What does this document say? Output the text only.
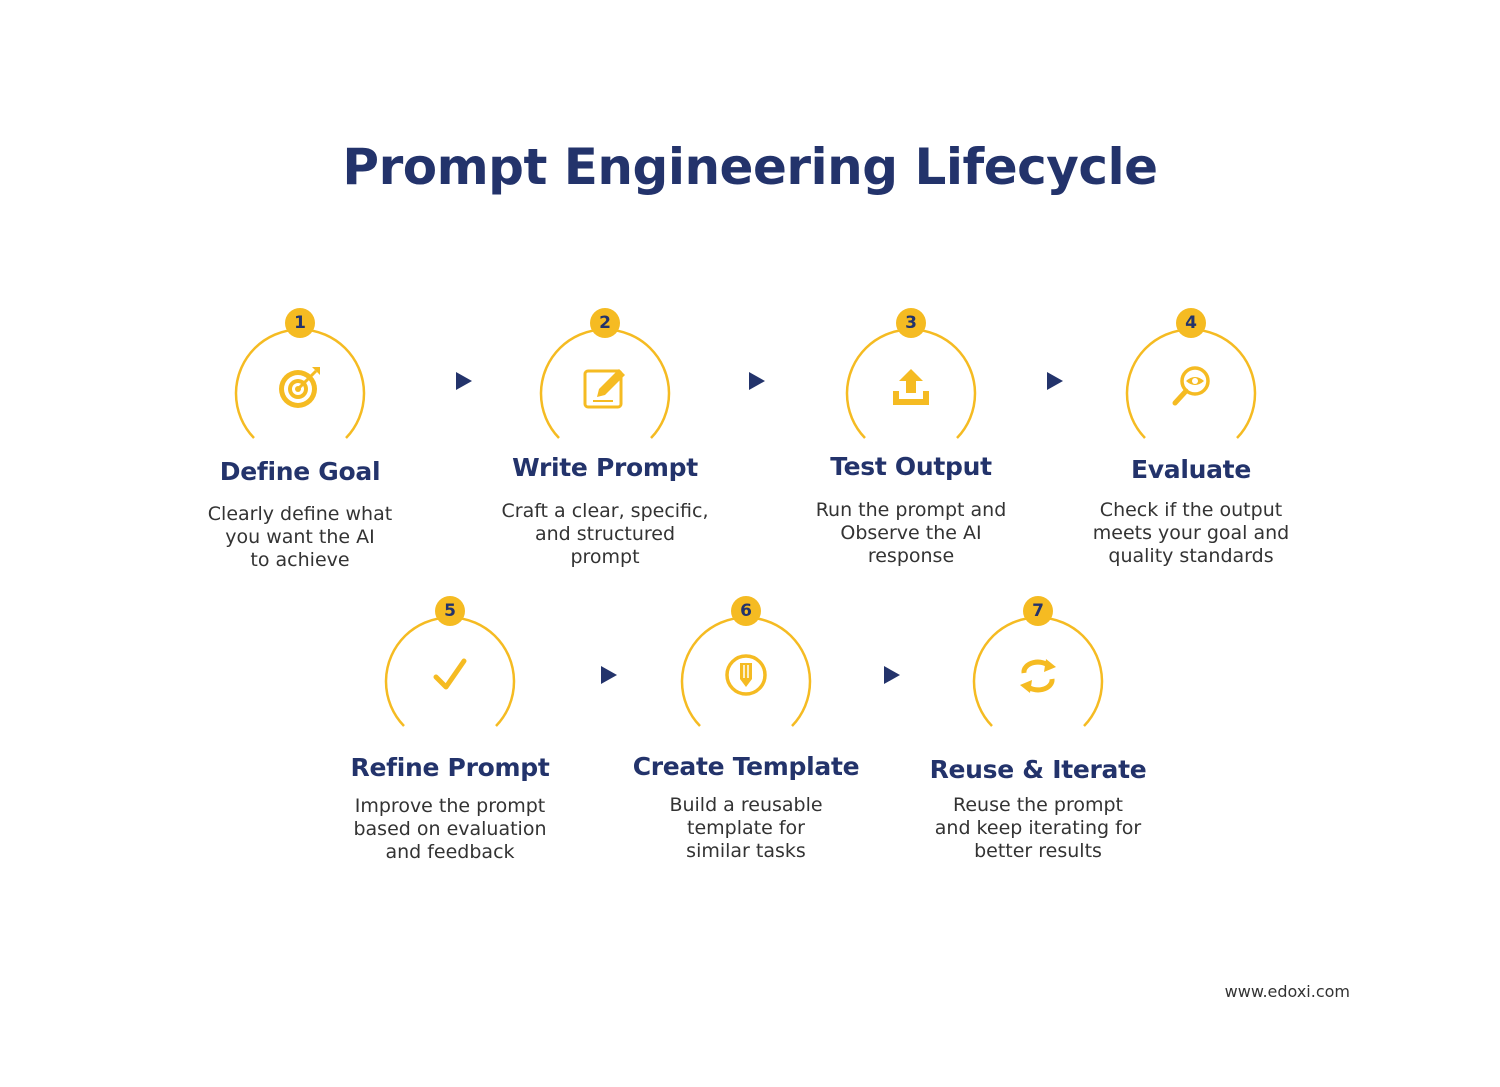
Prompt Engineering Lifecycle
1
Define Goal
Clearly define what
you want the AI
to achieve
2
Write Prompt
Craft a clear, specific,
and structured
prompt
3
Test Output
Run the prompt and
Observe the AI
response
4
Evaluate
Check if the output
meets your goal and
quality standards
5
Refine Prompt
Improve the prompt
based on evaluation
and feedback
6
Create Template
Build a reusable
template for
similar tasks
7
Reuse & Iterate
Reuse the prompt
and keep iterating for
better results
www.edoxi.com
